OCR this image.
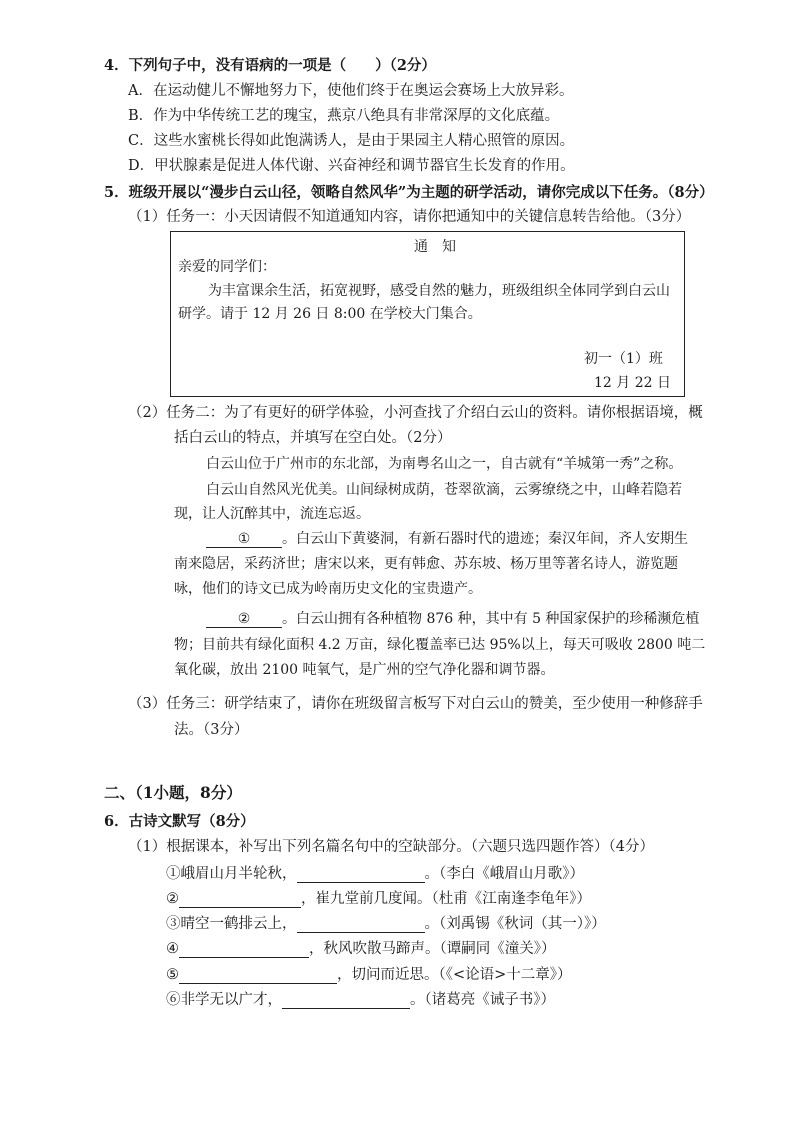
4．下列句子中，没有语病的一项是（　　）（2分）
A．在运动健儿不懈地努力下，使他们终于在奥运会赛场上大放异彩。
B．作为中华传统工艺的瑰宝，燕京八绝具有非常深厚的文化底蕴。
C．这些水蜜桃长得如此饱满诱人，是由于果园主人精心照管的原因。
D．甲状腺素是促进人体代谢、兴奋神经和调节器官生长发育的作用。
5．班级开展以“漫步白云山径，领略自然风华”为主题的研学活动，请你完成以下任务。（8分）
（1）任务一：小天因请假不知道通知内容，请你把通知中的关键信息转告给他。（3分）
通　知
亲爱的同学们：
为丰富课余生活，拓宽视野，感受自然的魅力，班级组织全体同学到白云山
研学。请于 12 月 26 日 8:00 在学校大门集合。
初一（1）班
12 月 22 日
（2）任务二：为了有更好的研学体验，小河查找了介绍白云山的资料。请你根据语境，概
括白云山的特点，并填写在空白处。（2分）
白云山位于广州市的东北部，为南粤名山之一，自古就有“羊城第一秀”之称。
白云山自然风光优美。山间绿树成荫，苍翠欲滴，云雾缭绕之中，山峰若隐若
现，让人沉醉其中，流连忘返。
① 。白云山下黄婆洞，有新石器时代的遗迹；秦汉年间，齐人安期生
南来隐居，采药济世；唐宋以来，更有韩愈、苏东坡、杨万里等著名诗人，游览题
咏，他们的诗文已成为岭南历史文化的宝贵遗产。
② 。白云山拥有各种植物 876 种，其中有 5 种国家保护的珍稀濒危植
物；目前共有绿化面积 4.2 万亩，绿化覆盖率已达 95%以上，每天可吸收 2800 吨二
氧化碳，放出 2100 吨氧气，是广州的空气净化器和调节器。
（3）任务三：研学结束了，请你在班级留言板写下对白云山的赞美，至少使用一种修辞手
法。（3分）
二、（1小题，8分）
6．古诗文默写（8分）
（1）根据课本，补写出下列名篇名句中的空缺部分。（六题只选四题作答）（4分）
①峨眉山月半轮秋，	。（李白《峨眉山月歌》）
②	，崔九堂前几度闻。（杜甫《江南逢李龟年》）
③晴空一鹤排云上，	。（刘禹锡《秋词（其一）》）
④	，秋风吹散马蹄声。（谭嗣同《潼关》）
⑤	，切问而近思。（《<论语>十二章》）
⑥非学无以广才，	。（诸葛亮《诫子书》）
